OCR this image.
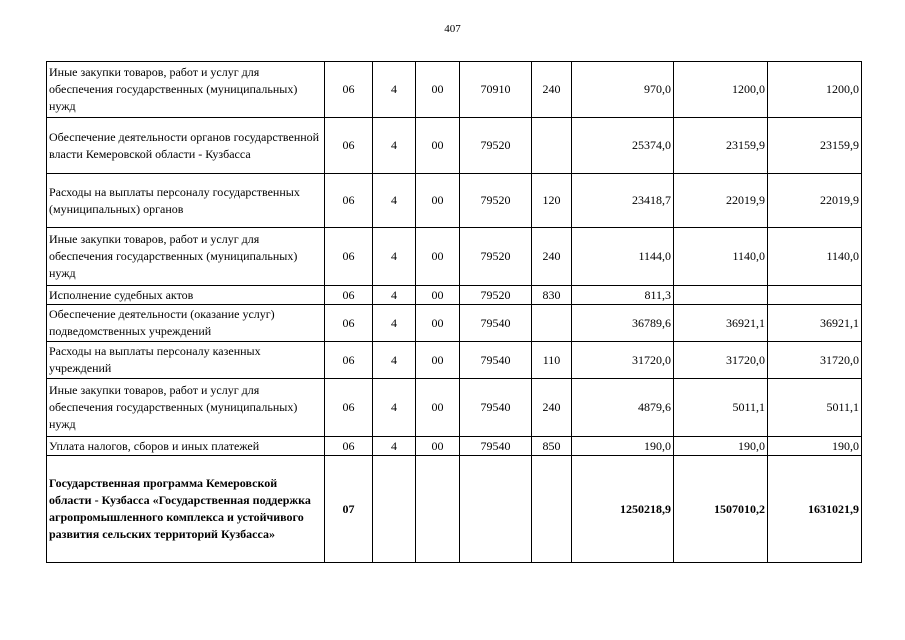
407
Иные закупки товаров, работ и услуг для обеспечения государственных (муниципальных) нужд	06	4	00	70910	240	970,0	1200,0	1200,0
Обеспечение деятельности органов государственной власти Кемеровской области - Кузбасса	06	4	00	79520		25374,0	23159,9	23159,9
Расходы на выплаты персоналу государственных (муниципальных) органов	06	4	00	79520	120	23418,7	22019,9	22019,9
Иные закупки товаров, работ и услуг для обеспечения государственных (муниципальных) нужд	06	4	00	79520	240	1144,0	1140,0	1140,0
Исполнение судебных актов	06	4	00	79520	830	811,3		
Обеспечение деятельности (оказание услуг) подведомственных учреждений	06	4	00	79540		36789,6	36921,1	36921,1
Расходы на выплаты персоналу казенных учреждений	06	4	00	79540	110	31720,0	31720,0	31720,0
Иные закупки товаров, работ и услуг для обеспечения государственных (муниципальных) нужд	06	4	00	79540	240	4879,6	5011,1	5011,1
Уплата налогов, сборов и иных платежей	06	4	00	79540	850	190,0	190,0	190,0
Государственная программа Кемеровской области - Кузбасса «Государственная поддержка агропромышленного комплекса и устойчивого развития сельских территорий Кузбасса»	07					1250218,9	1507010,2	1631021,9
